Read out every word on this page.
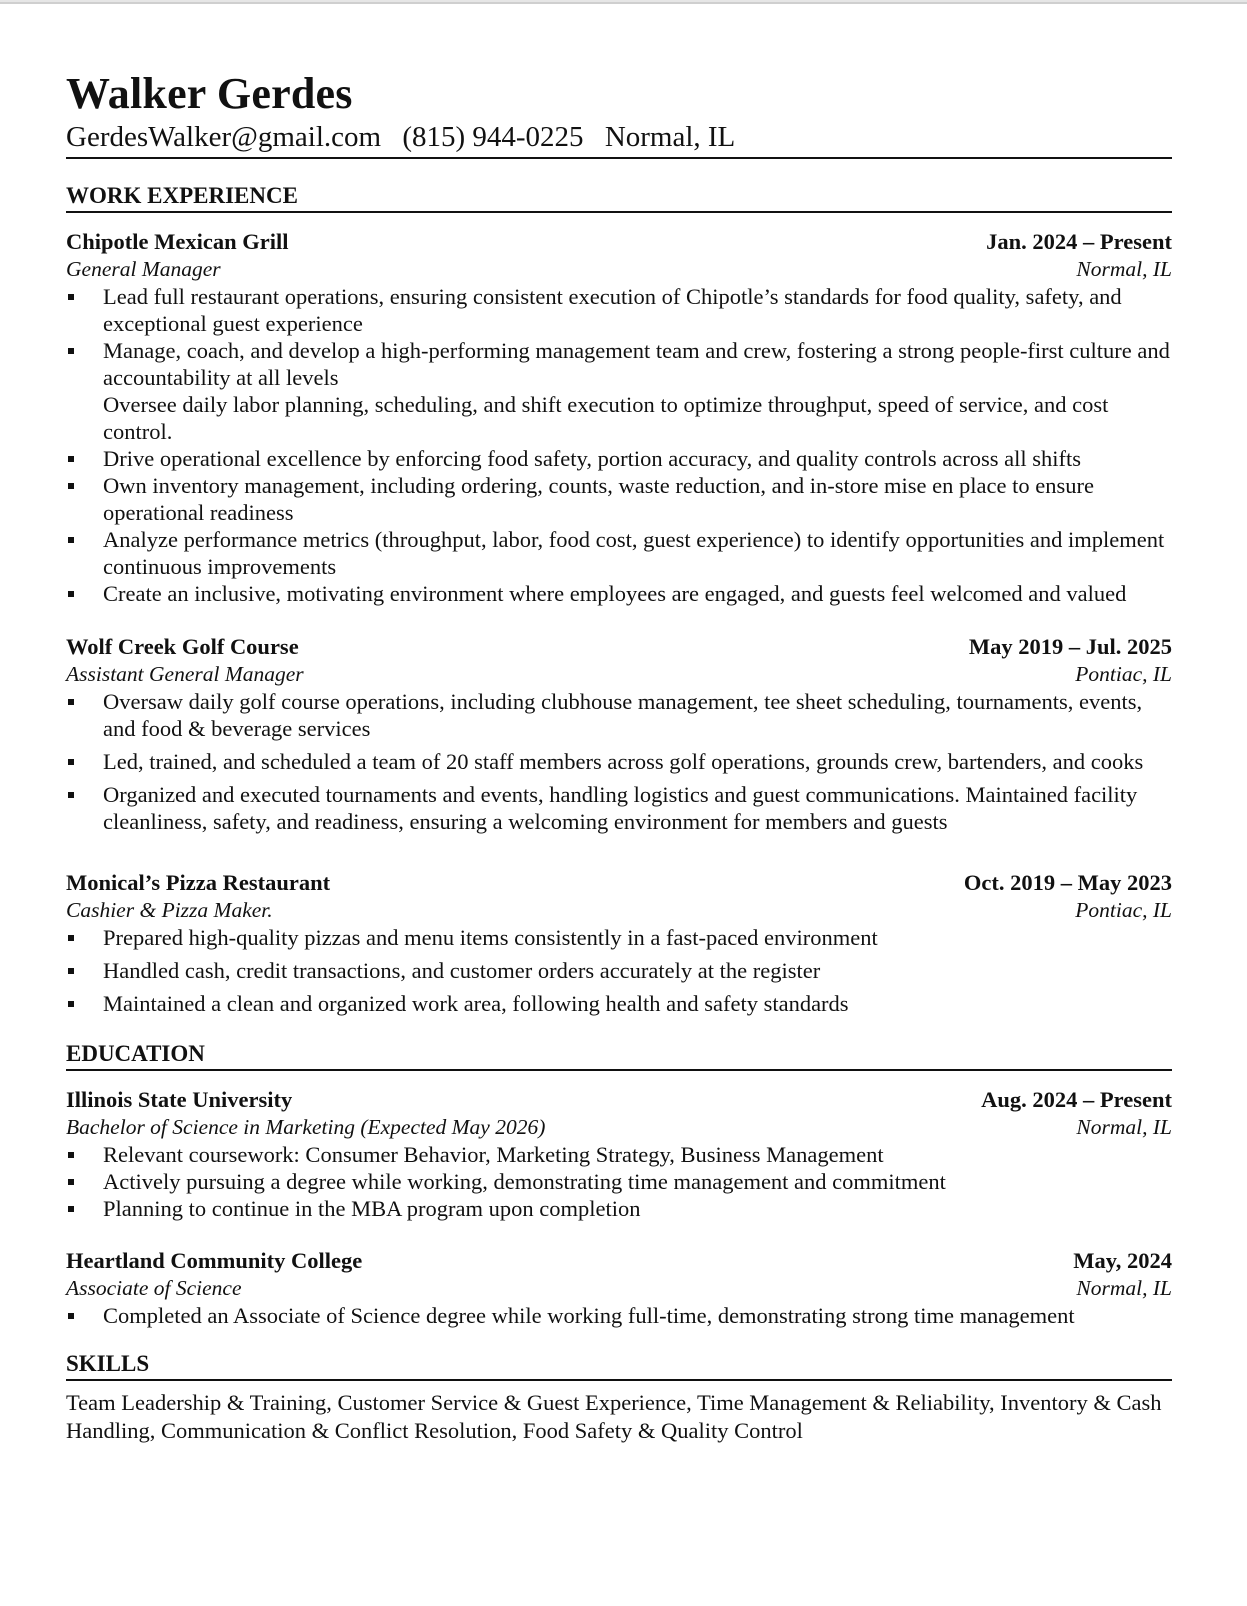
Walker Gerdes
GerdesWalker@gmail.com (815) 944-0225 Normal, IL
WORK EXPERIENCE
Chipotle Mexican Grill	Jan. 2024 – Present
General Manager	Normal, IL
Lead full restaurant operations, ensuring consistent execution of Chipotle’s standards for food quality, safety, and exceptional guest experience
Manage, coach, and develop a high-performing management team and crew, fostering a strong people-first culture and accountability at all levels
Oversee daily labor planning, scheduling, and shift execution to optimize throughput, speed of service, and cost control.
Drive operational excellence by enforcing food safety, portion accuracy, and quality controls across all shifts
Own inventory management, including ordering, counts, waste reduction, and in-store mise en place to ensure operational readiness
Analyze performance metrics (throughput, labor, food cost, guest experience) to identify opportunities and implement continuous improvements
Create an inclusive, motivating environment where employees are engaged, and guests feel welcomed and valued
Wolf Creek Golf Course	May 2019 – Jul. 2025
Assistant General Manager	Pontiac, IL
Oversaw daily golf course operations, including clubhouse management, tee sheet scheduling, tournaments, events, and food & beverage services
Led, trained, and scheduled a team of 20 staff members across golf operations, grounds crew, bartenders, and cooks
Organized and executed tournaments and events, handling logistics and guest communications. Maintained facility cleanliness, safety, and readiness, ensuring a welcoming environment for members and guests
Monical’s Pizza Restaurant	Oct. 2019 – May 2023
Cashier & Pizza Maker.	Pontiac, IL
Prepared high-quality pizzas and menu items consistently in a fast-paced environment
Handled cash, credit transactions, and customer orders accurately at the register
Maintained a clean and organized work area, following health and safety standards
EDUCATION
Illinois State University	Aug. 2024 – Present
Bachelor of Science in Marketing (Expected May 2026)	Normal, IL
Relevant coursework: Consumer Behavior, Marketing Strategy, Business Management
Actively pursuing a degree while working, demonstrating time management and commitment
Planning to continue in the MBA program upon completion
Heartland Community College	May, 2024
Associate of Science	Normal, IL
Completed an Associate of Science degree while working full-time, demonstrating strong time management
SKILLS
Team Leadership & Training, Customer Service & Guest Experience, Time Management & Reliability, Inventory & Cash Handling, Communication & Conflict Resolution, Food Safety & Quality Control
